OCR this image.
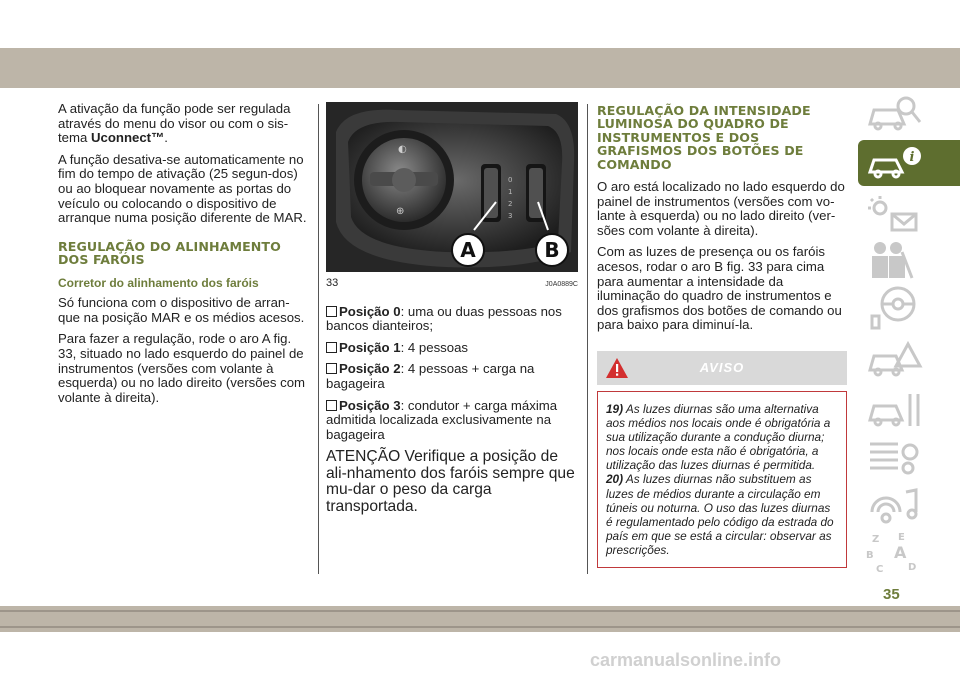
A ativação da função pode ser regulada através do menu do visor ou com o sis-tema Uconnect™.

A função desativa-se automaticamente no fim do tempo de ativação (25 segun-dos) ou ao bloquear novamente as portas do veículo ou colocando o dispositivo de arranque numa posição diferente de MAR.

REGULAÇÃO DO ALINHAMENTO DOS FARÓIS
Corretor do alinhamento dos faróis

Só funciona com o dispositivo de arran-que na posição MAR e os médios acesos.

Para fazer a regulação, rode o aro A fig. 33, situado no lado esquerdo do painel de instrumentos (versões com volante à esquerda) ou no lado direito (versões com volante à direita).

◐
⊕
0
1
2
3
A	B
33	J0A0889C

Posição 0: uma ou duas pessoas nos bancos dianteiros;

Posição 1: 4 pessoas

Posição 2: 4 pessoas + carga na bagageira

Posição 3: condutor + carga máxima admitida localizada exclusivamente na bagageira

ATENÇÃO Verifique a posição de ali-nhamento dos faróis sempre que mu-dar o peso da carga transportada.

REGULAÇÃO DA INTENSIDADE LUMINOSA DO QUADRO DE INSTRUMENTOS E DOS GRAFISMOS DOS BOTÕES DE COMANDO

O aro está localizado no lado esquerdo do painel de instrumentos (versões com vo-lante à esquerda) ou no lado direito (ver-sões com volante à direita).

Com as luzes de presença ou os faróis acesos, rodar o aro B fig. 33 para cima para aumentar a intensidade da iluminação do quadro de instrumentos e dos grafismos dos botões de comando ou para baixo para diminuí-la.

AVISO

19) As luzes diurnas são uma alternativa aos médios nos locais onde é obrigatória a sua utilização durante a condução diurna; nos locais onde esta não é obrigatória, a utilização das luzes diurnas é permitida.

20) As luzes diurnas não substituem as luzes de médios durante a circulação em túneis ou noturna. O uso das luzes diurnas é regulamentado pelo código da estrada do país em que se está a circular: observar as prescrições.

i
Z E
A
B
C D
35
carmanualsonline.info
